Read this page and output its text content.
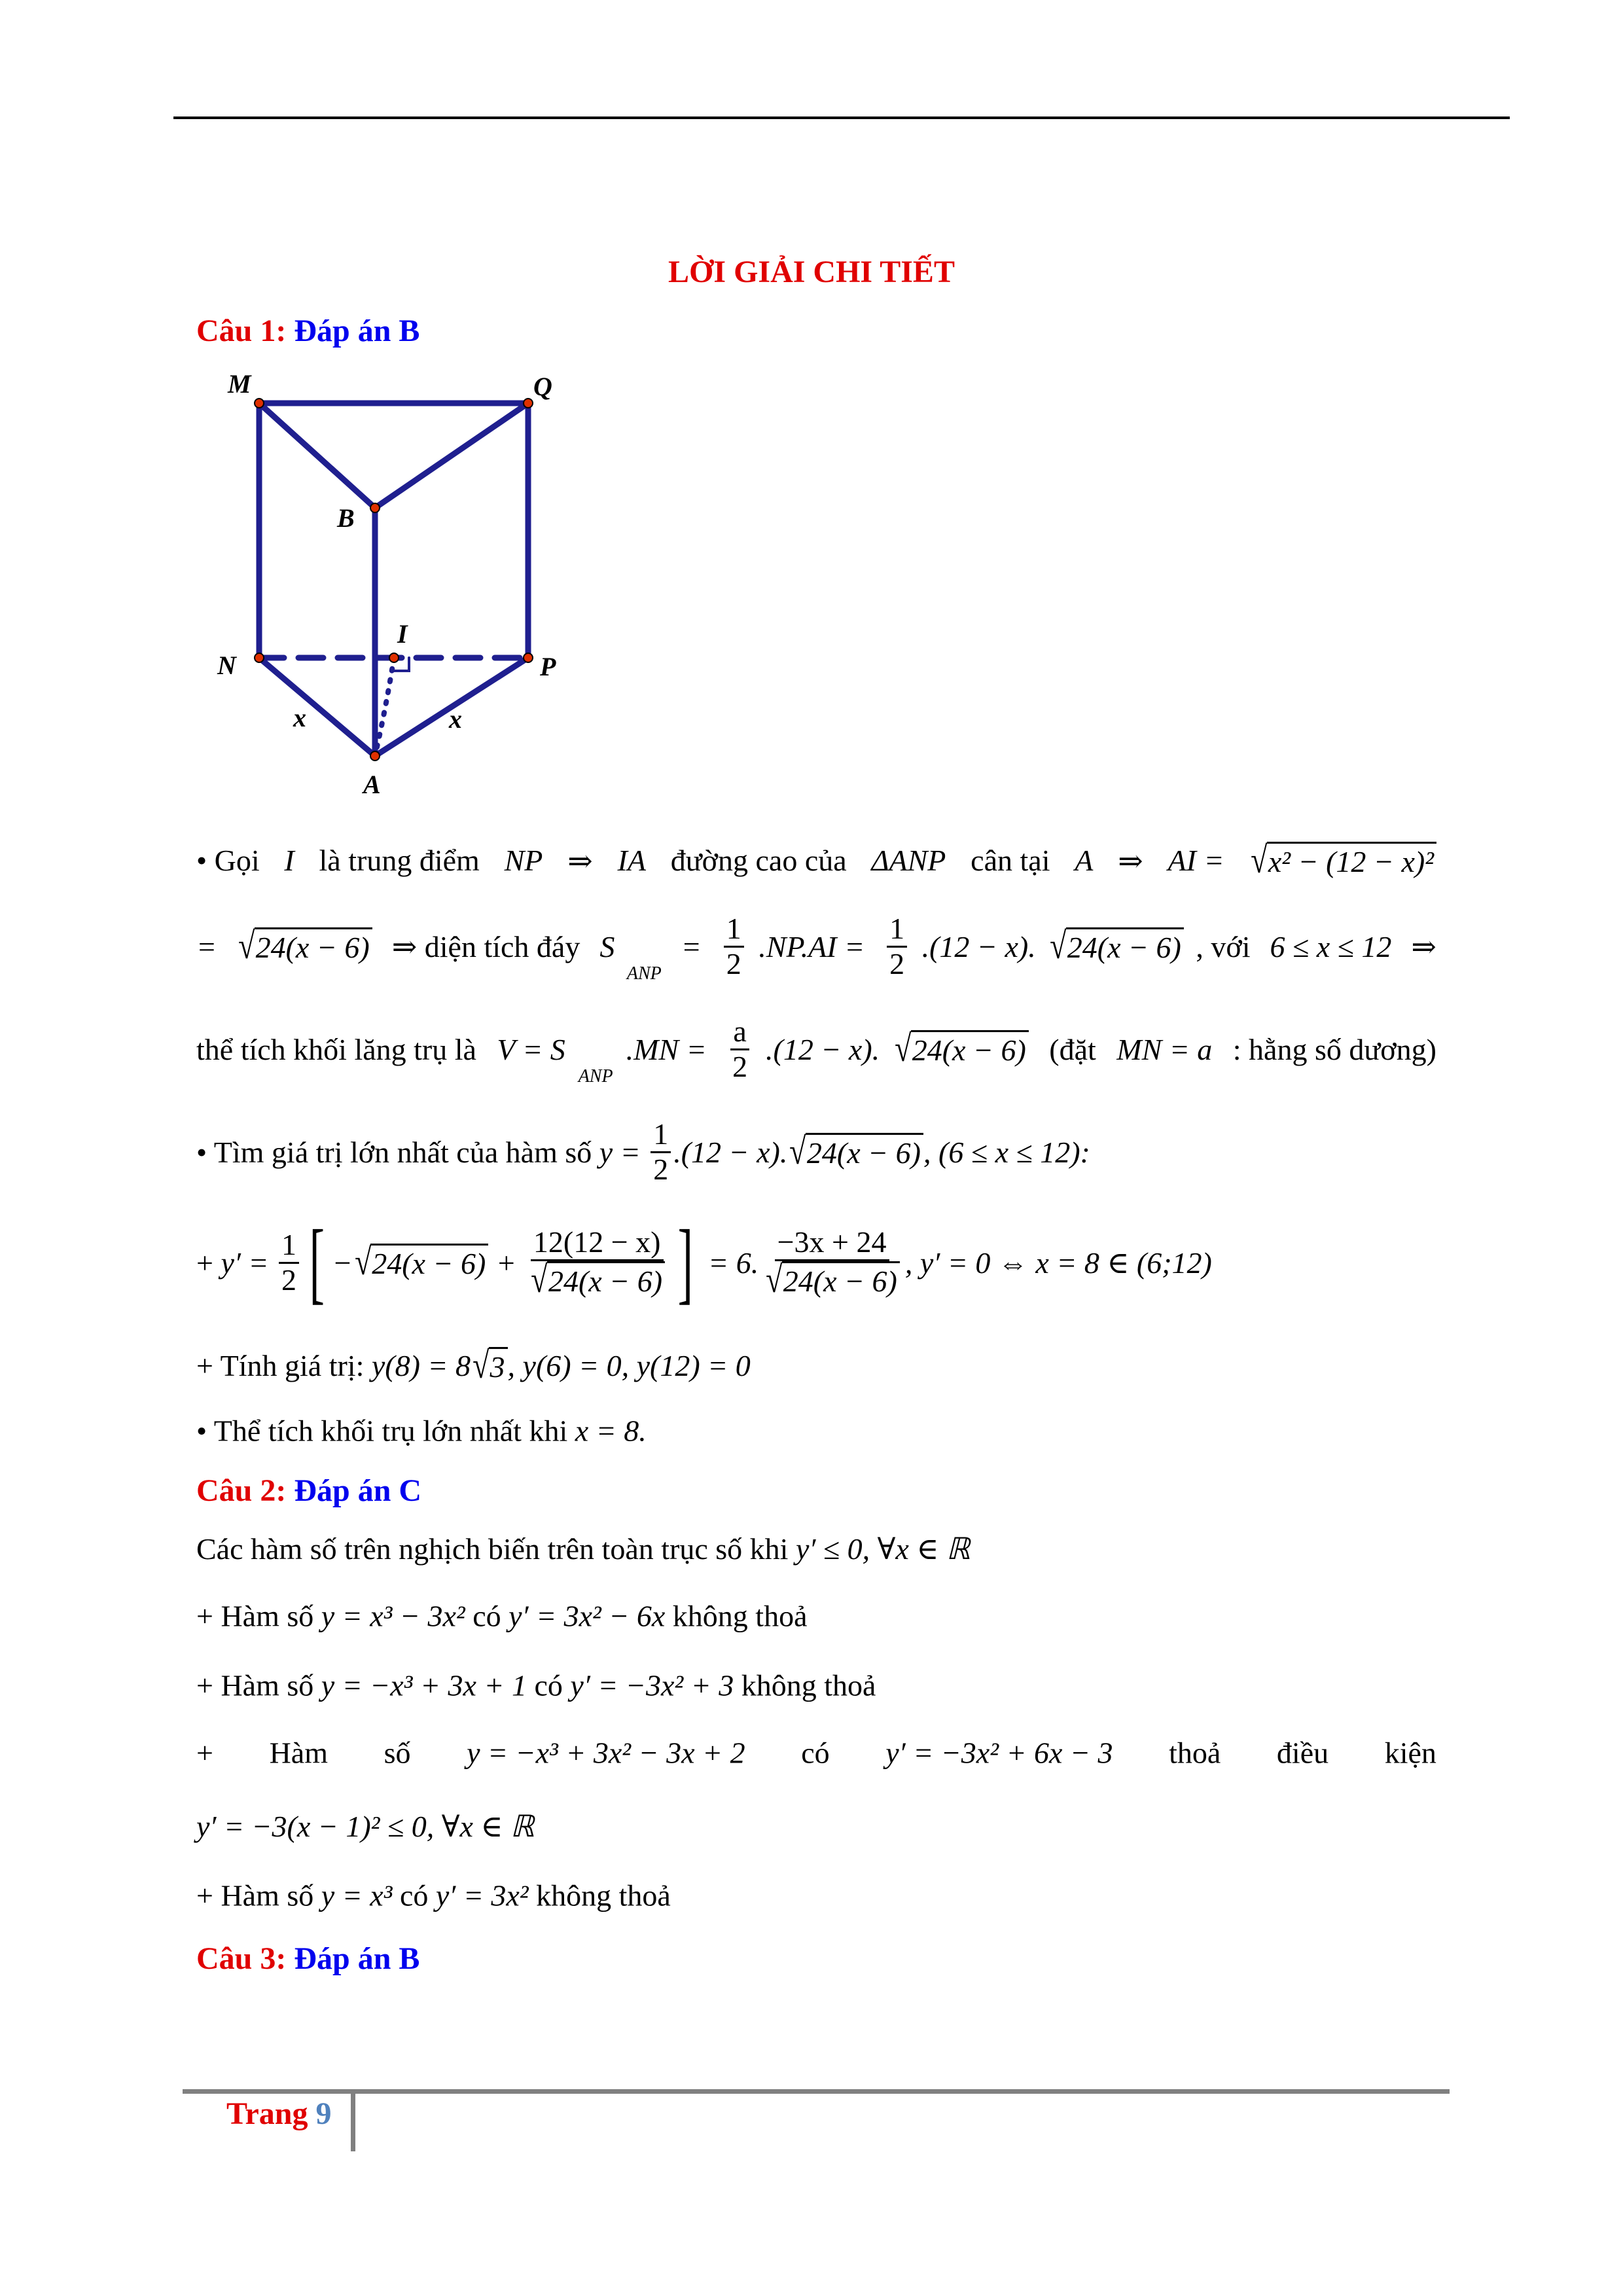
LỜI GIẢI CHI TIẾT
Câu 1: Đáp án B
Câu 2: Đáp án C
Câu 3: Đáp án B
M	Q
B
I
N	P
A
x	x
• Gọi I là trung điểm NP ⇒ IA đường cao của ΔANP cân tại A ⇒ AI = √ x² − (12 − x)²
= √ 24(x − 6) ⇒ diện tích đáy S
ANP
= $\frac{1}{2} .NP.AI = \frac{1}{2} .(12 - x)$. √ 24(x − 6) , với 6 ≤ x ≤ 12 ⇒
thể tích khối lăng trụ là V = S
ANP
$.MN = \frac{a}{2} .(12 - x)$. √ 24(x − 6) (đặt MN = a : hằng số dương)
• Tìm giá trị lớn nhất của hàm số $y = \frac{1}{2} .(12 - x)$. √ 24(x − 6) , (6 ≤ x ≤ 12):
+ $y' = \frac{1}{2}$ [ − √ $24(x - 6) + \frac{12(12 - x)}{√ 24(x - 6)}$ ] = 6. $\frac{-3x + 24}{√ 24(x - 6)}$ , y′ = 0 ⇔ x = 8 ∈ (6;12)
+ Tính giá trị: y(8) = 8 √ 3 , y(6) = 0, y(12) = 0
• Thể tích khối trụ lớn nhất khi x = 8.
Các hàm số trên nghịch biến trên toàn trục số khi y′ ≤ 0, ∀x ∈ ℝ
+ Hàm số y = x³ − 3x² có y′ = 3x² − 6x không thoả
+ Hàm số y = −x³ + 3x + 1 có y′ = −3x² + 3 không thoả
+ Hàm số y = −x³ + 3x² − 3x + 2 có y′ = −3x² + 6x − 3 thoả điều kiện
y′ = −3(x − 1)² ≤ 0, ∀x ∈ ℝ
+ Hàm số y = x³ có y′ = 3x² không thoả
Trang 9
